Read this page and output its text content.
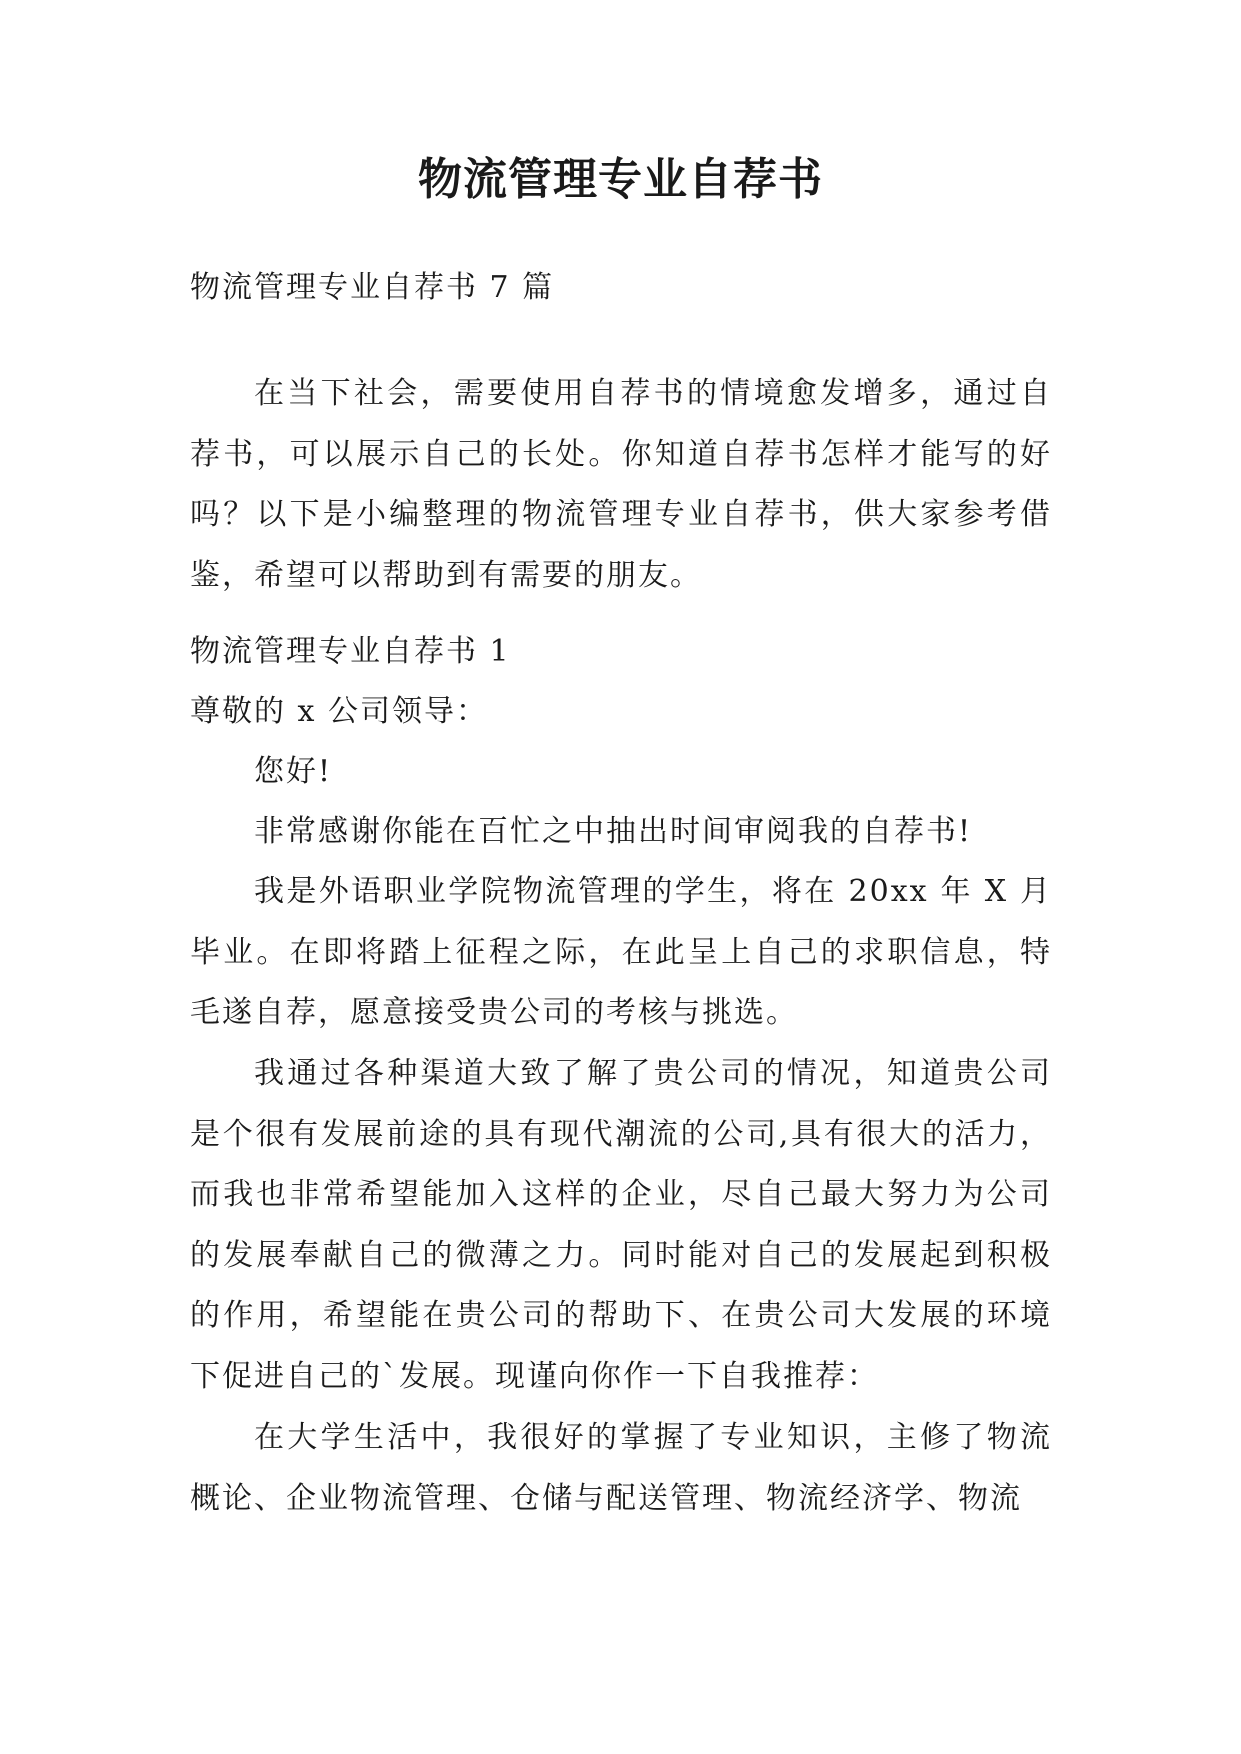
物流管理专业自荐书

物流管理专业自荐书 7 篇

在当下社会，需要使用自荐书的情境愈发增多，通过自荐书，可以展示自己的长处。你知道自荐书怎样才能写的好吗？以下是小编整理的物流管理专业自荐书，供大家参考借鉴，希望可以帮助到有需要的朋友。

物流管理专业自荐书 1

尊敬的 x 公司领导：

您好!

非常感谢你能在百忙之中抽出时间审阅我的自荐书!

我是外语职业学院物流管理的学生，将在 20xx 年 X 月毕业。在即将踏上征程之际，在此呈上自己的求职信息，特毛遂自荐，愿意接受贵公司的考核与挑选。

我通过各种渠道大致了解了贵公司的情况，知道贵公司是个很有发展前途的具有现代潮流的公司,具有很大的活力，而我也非常希望能加入这样的企业，尽自己最大努力为公司的发展奉献自己的微薄之力。同时能对自己的发展起到积极的作用，希望能在贵公司的帮助下、在贵公司大发展的环境下促进自己的`发展。现谨向你作一下自我推荐：

在大学生活中，我很好的掌握了专业知识，主修了物流概论、企业物流管理、仓储与配送管理、物流经济学、物流
